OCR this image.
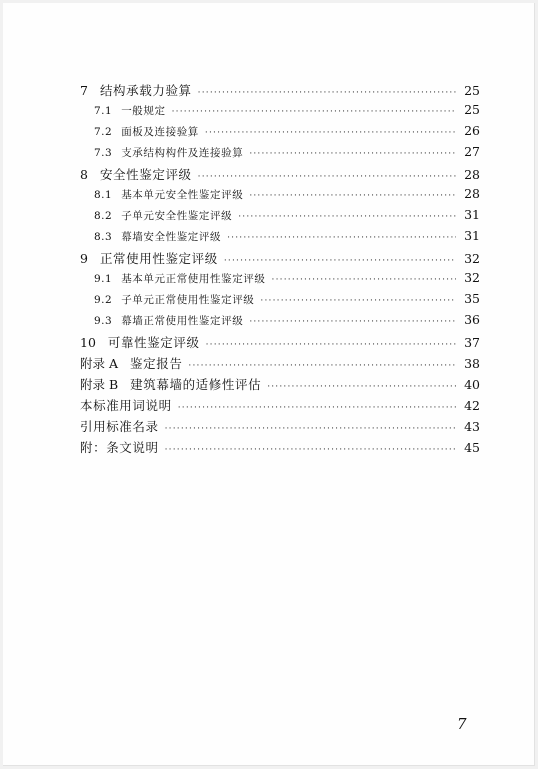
7 结构承载力验算 ·····	25
7.1 一般规定 ·····	25
7.2 面板及连接验算 ·····	26
7.3 支承结构构件及连接验算 ·····	27
8 安全性鉴定评级 ·····	28
8.1 基本单元安全性鉴定评级 ·····	28
8.2 子单元安全性鉴定评级 ·····	31
8.3 幕墙安全性鉴定评级 ·····	31
9 正常使用性鉴定评级 ·····	32
9.1 基本单元正常使用性鉴定评级 ·····	32
9.2 子单元正常使用性鉴定评级 ·····	35
9.3 幕墙正常使用性鉴定评级 ·····	36
10 可靠性鉴定评级 ·····	37
附录 A 鉴定报告 ·····	38
附录 B 建筑幕墙的适修性评估 ·····	40
本标准用词说明 ·····	42
引用标准名录 ·····	43
附：条文说明 ·····	45
7
